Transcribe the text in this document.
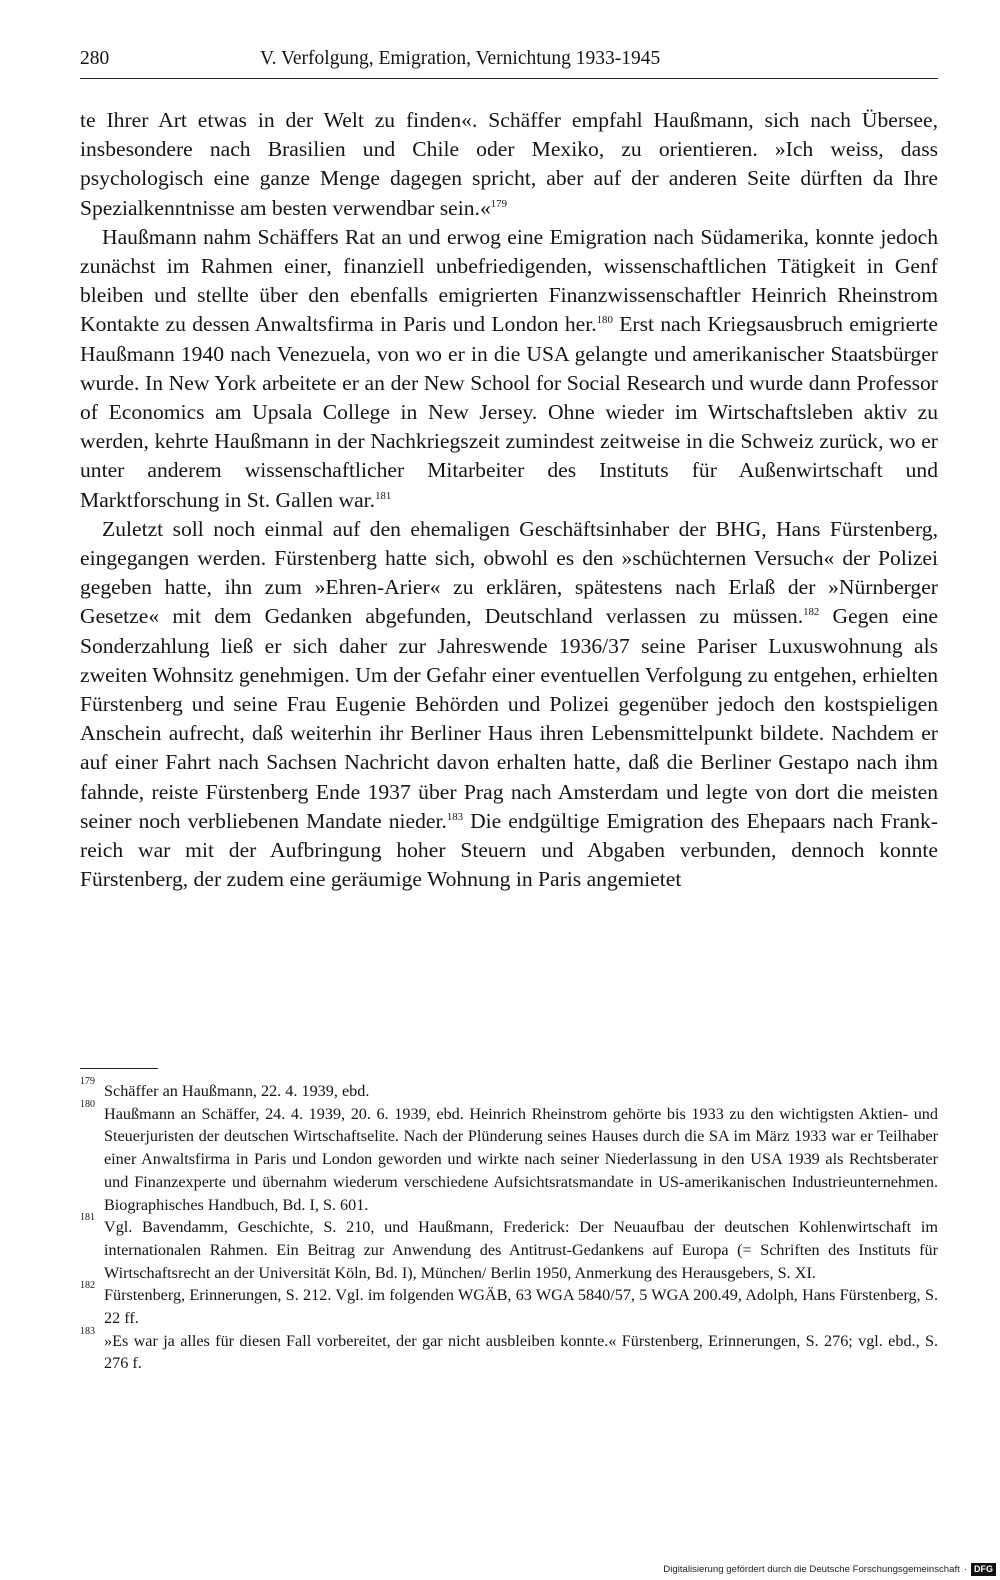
280	V. Verfolgung, Emigration, Vernichtung 1933-1945

te Ihrer Art etwas in der Welt zu finden«. Schäffer empfahl Haußmann, sich nach Übersee, insbesondere nach Brasilien und Chile oder Mexiko, zu orientieren. »Ich weiss, dass psychologisch eine ganze Menge dagegen spricht, aber auf der anderen Seite dürften da Ihre Spezialkenntnisse am besten verwendbar sein.«$^{179}$

Haußmann nahm Schäffers Rat an und erwog eine Emigration nach Südamerika, konnte jedoch zunächst im Rahmen einer, finanziell unbefriedigenden, wissenschaftlichen Tätigkeit in Genf bleiben und stellte über den ebenfalls emigrierten Finanzwissenschaftler Heinrich Rheinstrom Kontakte zu dessen Anwaltsfirma in Paris und London her.$^{180}$ Erst nach Kriegsausbruch emigrierte Haußmann 1940 nach Venezuela, von wo er in die USA gelangte und amerikanischer Staatsbürger wurde. In New York arbeitete er an der New School for Social Research und wurde dann Professor of Economics am Upsala College in New Jersey. Ohne wieder im Wirtschaftsleben aktiv zu werden, kehrte Haußmann in der Nachkriegszeit zumindest zeitweise in die Schweiz zurück, wo er unter anderem wissenschaftlicher Mitarbeiter des Instituts für Außenwirtschaft und Marktforschung in St. Gallen war.$^{181}$

Zuletzt soll noch einmal auf den ehemaligen Geschäftsinhaber der BHG, Hans Fürstenberg, eingegangen werden. Fürstenberg hatte sich, obwohl es den »schüchternen Versuch« der Polizei gegeben hatte, ihn zum »Ehren-Arier« zu erklären, spätestens nach Erlaß der »Nürnberger Gesetze« mit dem Gedanken abgefunden, Deutschland verlassen zu müssen.$^{182}$ Gegen eine Sonderzahlung ließ er sich daher zur Jahreswende 1936/37 seine Pariser Luxuswohnung als zweiten Wohnsitz genehmigen. Um der Gefahr einer eventuellen Verfolgung zu entgehen, erhielten Fürstenberg und seine Frau Eugenie Behörden und Polizei gegenüber jedoch den kostspieligen Anschein aufrecht, daß weiterhin ihr Berliner Haus ihren Lebensmittelpunkt bildete. Nachdem er auf einer Fahrt nach Sachsen Nachricht davon erhalten hatte, daß die Berliner Gestapo nach ihm fahnde, reiste Fürstenberg Ende 1937 über Prag nach Amsterdam und legte von dort die meisten seiner noch verbliebenen Mandate nieder.$^{183}$ Die endgültige Emigration des Ehepaars nach Frankreich war mit der Aufbringung hoher Steuern und Abgaben verbunden, dennoch konnte Fürstenberg, der zudem eine geräumige Wohnung in Paris angemietet

179
Schäffer an Haußmann, 22. 4. 1939, ebd.

180
Haußmann an Schäffer, 24. 4. 1939, 20. 6. 1939, ebd. Heinrich Rheinstrom gehörte bis 1933 zu den wichtigsten Aktien- und Steuerjuristen der deutschen Wirtschaftselite. Nach der Plünderung seines Hauses durch die SA im März 1933 war er Teilhaber einer Anwaltsfirma in Paris und London geworden und wirkte nach seiner Niederlassung in den USA 1939 als Rechtsberater und Finanzexperte und übernahm wiederum verschiedene Aufsichtsratsmandate in US-amerikanischen Industrieunternehmen. Biographisches Handbuch, Bd. I, S. 601.

181
Vgl. Bavendamm, Geschichte, S. 210, und Haußmann, Frederick: Der Neuaufbau der deutschen Kohlenwirtschaft im internationalen Rahmen. Ein Beitrag zur Anwendung des Antitrust-Gedankens auf Europa (= Schriften des Instituts für Wirtschaftsrecht an der Universität Köln, Bd. I), München/ Berlin 1950, Anmerkung des Herausgebers, S. XI.

182
Fürstenberg, Erinnerungen, S. 212. Vgl. im folgenden WGÄB, 63 WGA 5840/57, 5 WGA 200.49, Adolph, Hans Fürstenberg, S. 22 ff.

183
»Es war ja alles für diesen Fall vorbereitet, der gar nicht ausbleiben konnte.« Fürstenberg, Erinnerungen, S. 276; vgl. ebd., S. 276 f.

Digitalisierung gefördert durch die Deutsche Forschungsgemeinschaft · DFG
